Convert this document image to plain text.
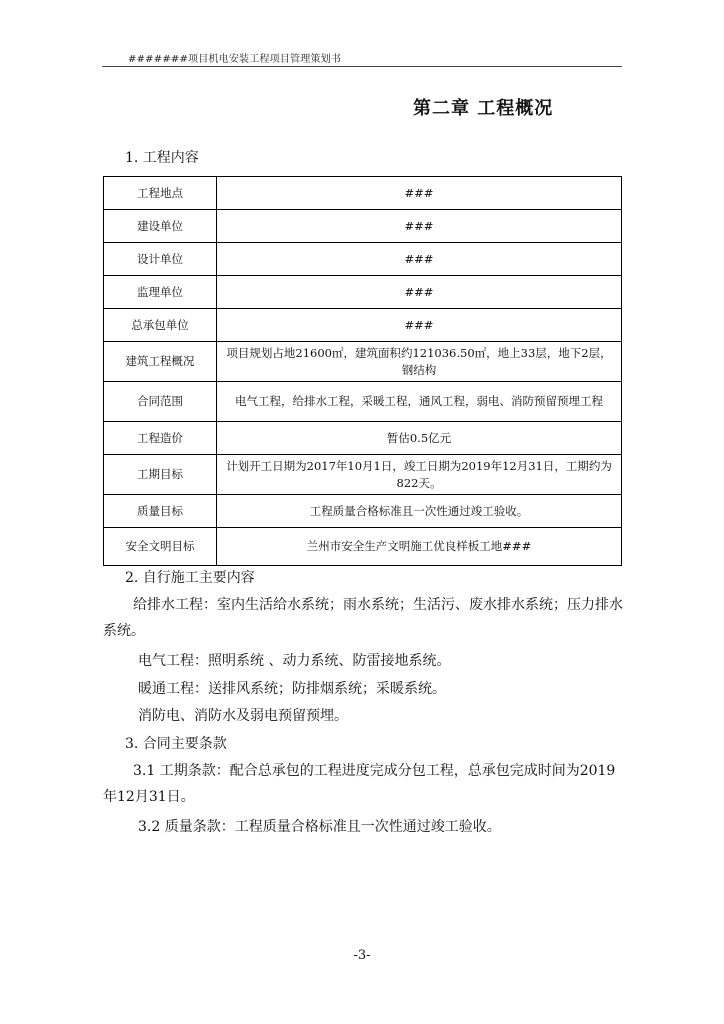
#######项目机电安装工程项目管理策划书
第二章 工程概况
1. 工程内容
工程地点	###
建设单位	###
设计单位	###
监理单位	###
总承包单位	###
建筑工程概况	项目规划占地21600㎡，建筑面积约121036.50㎡，地上33层，地下2层，钢结构
合同范围	电气工程，给排水工程，采暖工程，通风工程，弱电、消防预留预埋工程
工程造价	暂估0.5亿元
工期目标	计划开工日期为2017年10月1日，竣工日期为2019年12月31日，工期约为822天。
质量目标	工程质量合格标准且一次性通过竣工验收。
安全文明目标	兰州市安全生产文明施工优良样板工地###
2. 自行施工主要内容
给排水工程：室内生活给水系统；雨水系统；生活污、废水排水系统；压力排水系统。
电气工程：照明系统 、动力系统、防雷接地系统。
暖通工程：送排风系统；防排烟系统；采暖系统。
消防电、消防水及弱电预留预埋。
3. 合同主要条款
3.1 工期条款：配合总承包的工程进度完成分包工程，总承包完成时间为2019年12月31日。
3.2 质量条款：工程质量合格标准且一次性通过竣工验收。
-3-
